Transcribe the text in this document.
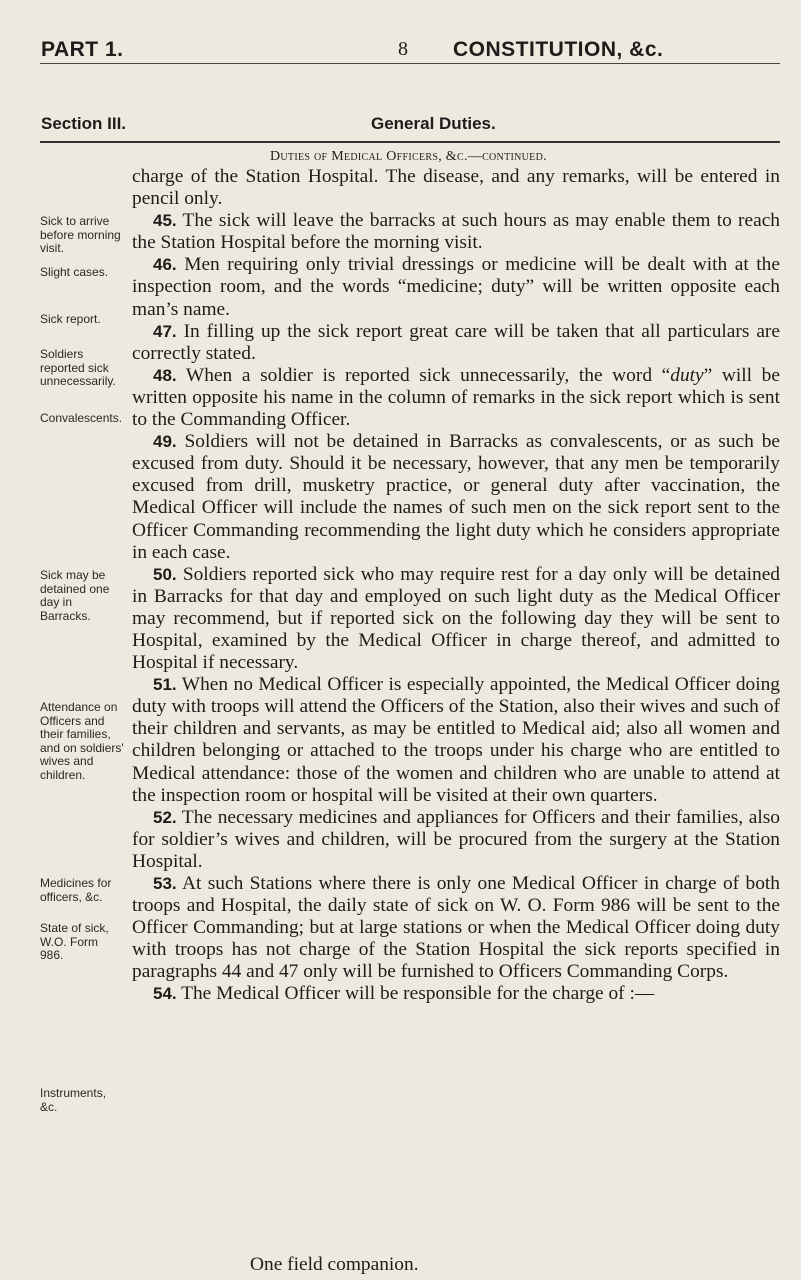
PART 1.	8 CONSTITUTION, &c.
Section III.	General Duties.
Duties of Medical Officers, &c.—continued.
Sick to arrive before morning visit.
Slight cases.
Sick report.
Soldiers reported sick unnecessarily.
Convalescents.
Sick may be detained one day in Barracks.
Attendance on Officers and their families, and on soldiers' wives and children.
Medicines for officers, &c.
State of sick, W.O. Form 986.
Instruments, &c.

charge of the Station Hospital. The disease, and any remarks, will be entered in pencil only.

45. The sick will leave the barracks at such hours as may enable them to reach the Station Hospital before the morning visit.

46. Men requiring only trivial dressings or medicine will be dealt with at the inspection room, and the words “medicine; duty” will be written opposite each man’s name.

47. In filling up the sick report great care will be taken that all particulars are correctly stated.

48. When a soldier is reported sick unnecessarily, the word “duty” will be written opposite his name in the column of remarks in the sick report which is sent to the Commanding Officer.

49. Soldiers will not be detained in Barracks as convalescents, or as such be excused from duty. Should it be necessary, however, that any men be temporarily excused from drill, musketry practice, or general duty after vaccination, the Medical Officer will include the names of such men on the sick report sent to the Officer Commanding recommending the light duty which he considers appropriate in each case.

50. Soldiers reported sick who may require rest for a day only will be detained in Barracks for that day and employed on such light duty as the Medical Officer may recommend, but if reported sick on the following day they will be sent to Hospital, examined by the Medical Officer in charge thereof, and admitted to Hospital if necessary.

51. When no Medical Officer is especially appointed, the Medical Officer doing duty with troops will attend the Officers of the Station, also their wives and such of their children and servants, as may be entitled to Medical aid; also all women and children belonging or attached to the troops under his charge who are entitled to Medical attendance: those of the women and children who are unable to attend at the inspection room or hospital will be visited at their own quarters.

52. The necessary medicines and appliances for Officers and their families, also for soldier’s wives and children, will be procured from the surgery at the Station Hospital.

53. At such Stations where there is only one Medical Officer in charge of both troops and Hospital, the daily state of sick on W. O. Form 986 will be sent to the Officer Commanding; but at large stations or when the Medical Officer doing duty with troops has not charge of the Station Hospital the sick reports specified in paragraphs 44 and 47 only will be furnished to Officers Commanding Corps.

54. The Medical Officer will be responsible for the charge of :—

One field companion.
